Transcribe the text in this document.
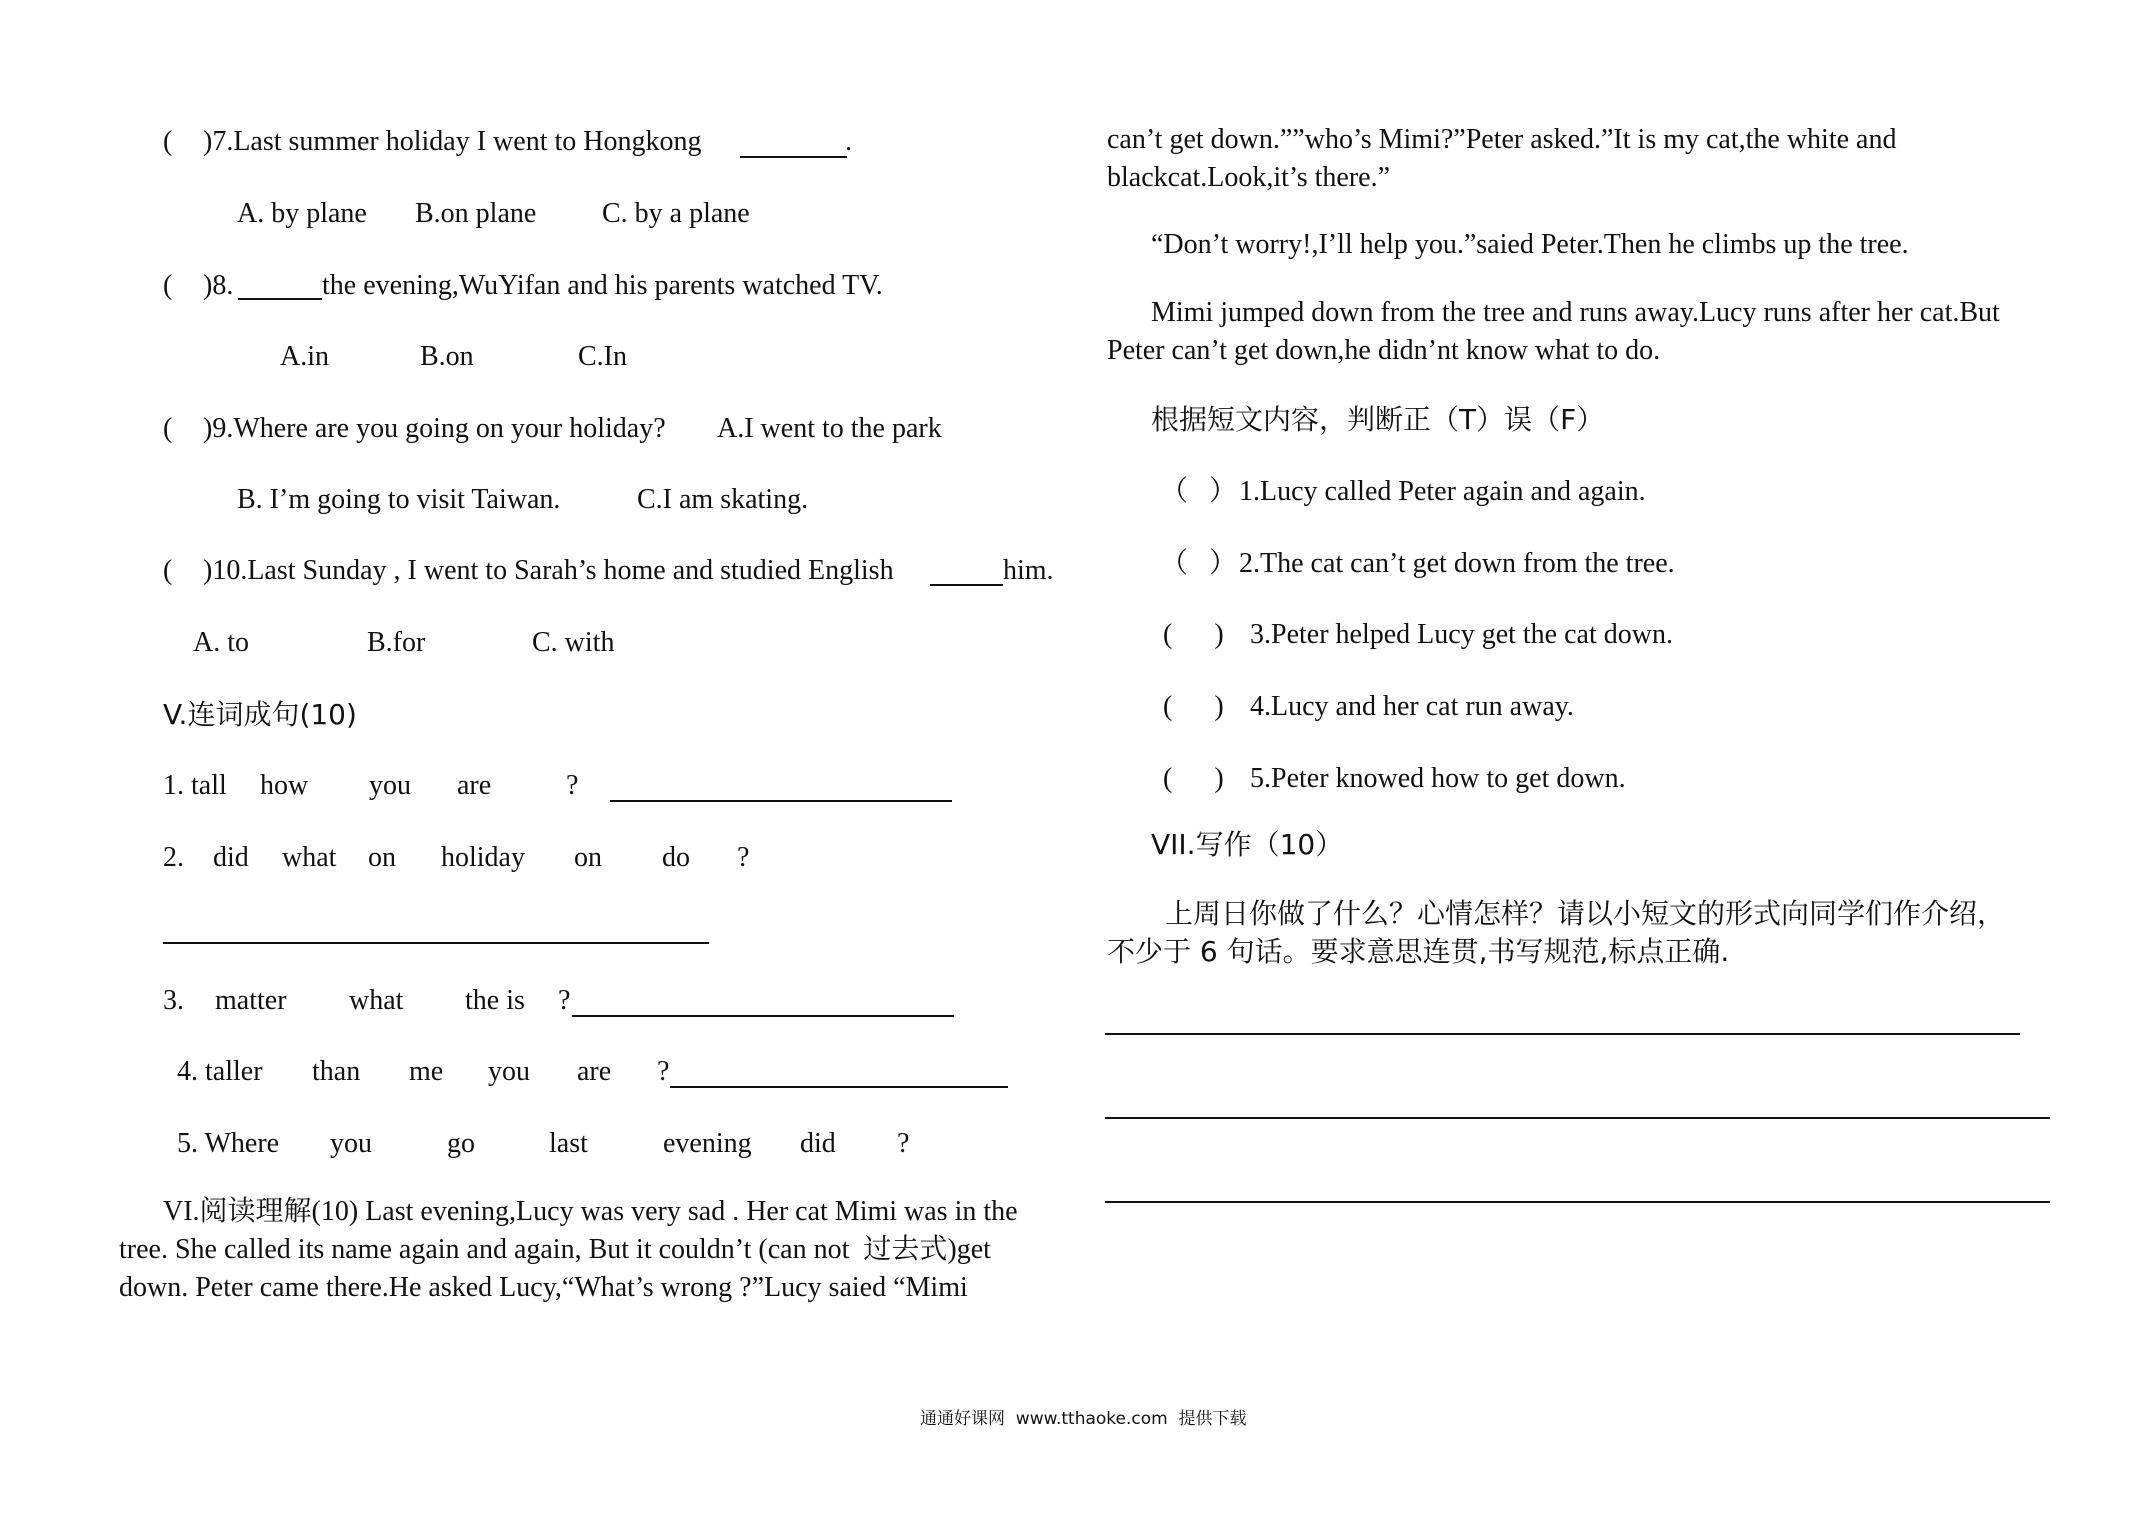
( )7.Last summer holiday I went to Hongkong	.
A. by plane B.on plane C. by a plane
( )8.	the evening,WuYifan and his parents watched TV.
A.in	B.on	C.In
( )9.Where are you going on your holiday? A.I went to the park
B. I’m going to visit Taiwan.	C.I am skating.
( )10.Last Sunday , I went to Sarah’s home and studied English	him.
A. to	B.for	C. with
V.连词成句(10)
1. tall how you are	?
2. did what on holiday on do ?
3. matter what the is ?
4. taller than me you are ?
5. Where you	go	last	evening did ?
VI.阅读理解(10) Last evening,Lucy was very sad . Her cat Mimi was in the
tree. She called its name again and again, But it couldn’t (can not  过去式)get
down. Peter came there.He asked Lucy,“What’s wrong ?”Lucy saied “Mimi
can’t get down.””who’s Mimi?”Peter asked.”It is my cat,the white and
blackcat.Look,it’s there.”
“Don’t worry!,I’ll help you.”saied Peter.Then he climbs up the tree.
Mimi jumped down from the tree and runs away.Lucy runs after her cat.But
Peter can’t get down,he didn’nt know what to do.
根据短文内容，判断正（T）误（F）
（   ） 1.Lucy called Peter again and again.
（   ） 2.The cat can’t get down from the tree.
(      ) 3.Peter helped Lucy get the cat down.
(      ) 4.Lucy and her cat run away.
(      ) 5.Peter knowed how to get down.
VII.写作（10）
上周日你做了什么？心情怎样？请以小短文的形式向同学们作介绍，
不少于 6 句话。要求意思连贯,书写规范,标点正确.
通通好课网  www.tthaoke.com  提供下载
